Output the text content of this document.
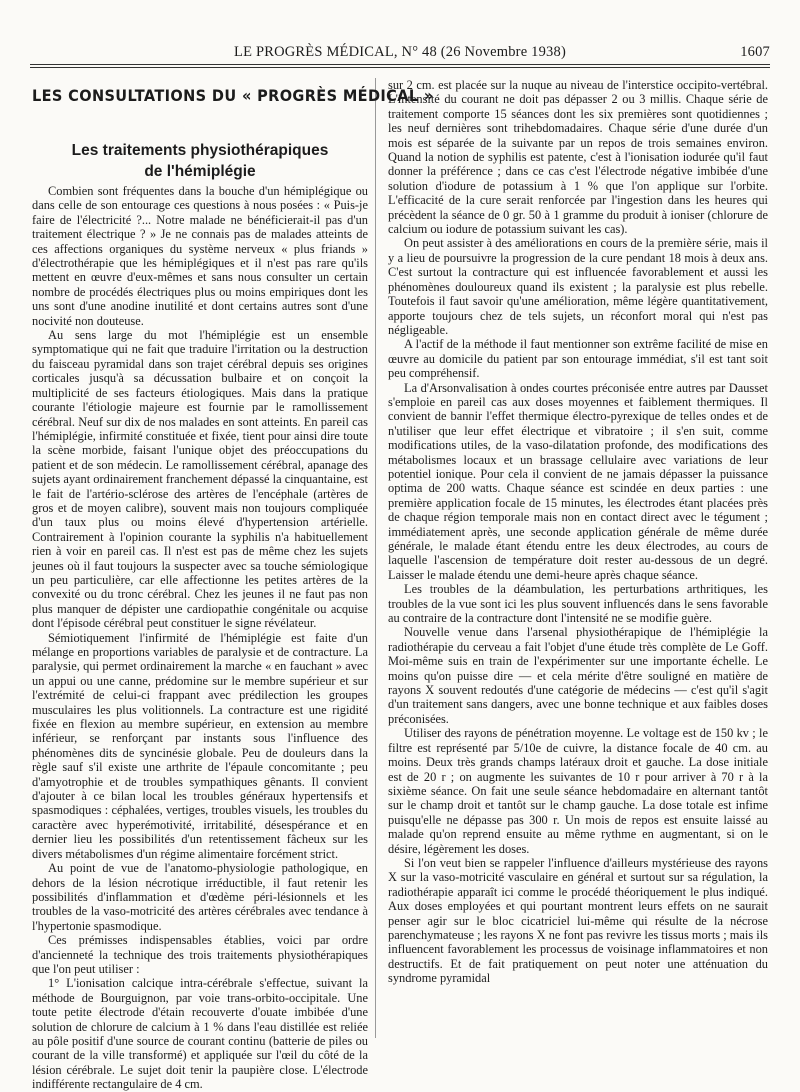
LE PROGRÈS MÉDICAL, N° 48 (26 Novembre 1938)	1607
LES CONSULTATIONS DU « PROGRÈS MÉDICAL »
Les traitements physiothérapiques
de l'hémiplégie

Combien sont fréquentes dans la bouche d'un hémiplégique ou dans celle de son entourage ces questions à nous posées : « Puis-je faire de l'électricité ?... Notre malade ne bénéficierait-il pas d'un traitement électrique ? » Je ne connais pas de malades atteints de ces affections organiques du système nerveux « plus friands » d'électrothérapie que les hémiplégiques et il n'est pas rare qu'ils mettent en œuvre d'eux-mêmes et sans nous consulter un certain nombre de procédés électriques plus ou moins empiriques dont les uns sont d'une anodine inutilité et dont certains autres sont d'une nocivité non douteuse.

Au sens large du mot l'hémiplégie est un ensemble symptomatique qui ne fait que traduire l'irritation ou la destruction du faisceau pyramidal dans son trajet cérébral depuis ses origines corticales jusqu'à sa décussation bulbaire et on conçoit la multiplicité de ses facteurs étiologiques. Mais dans la pratique courante l'étiologie majeure est fournie par le ramollissement cérébral. Neuf sur dix de nos malades en sont atteints. En pareil cas l'hémiplégie, infirmité constituée et fixée, tient pour ainsi dire toute la scène morbide, faisant l'unique objet des préoccupations du patient et de son médecin. Le ramollissement cérébral, apanage des sujets ayant ordinairement franchement dépassé la cinquantaine, est le fait de l'artério-sclérose des artères de l'encéphale (artères de gros et de moyen calibre), souvent mais non toujours compliquée d'un taux plus ou moins élevé d'hypertension artérielle. Contrairement à l'opinion courante la syphilis n'a habituellement rien à voir en pareil cas. Il n'est est pas de même chez les sujets jeunes où il faut toujours la suspecter avec sa touche sémiologique un peu particulière, car elle affectionne les petites artères de la convexité ou du tronc cérébral. Chez les jeunes il ne faut pas non plus manquer de dépister une cardiopathie congénitale ou acquise dont l'épisode cérébral peut constituer le signe révélateur.

Sémiotiquement l'infirmité de l'hémiplégie est faite d'un mélange en proportions variables de paralysie et de contracture. La paralysie, qui permet ordinairement la marche « en fauchant » avec un appui ou une canne, prédomine sur le membre supérieur et sur l'extrémité de celui-ci frappant avec prédilection les groupes musculaires les plus volitionnels. La contracture est une rigidité fixée en flexion au membre supérieur, en extension au membre inférieur, se renforçant par instants sous l'influence des phénomènes dits de syncinésie globale. Peu de douleurs dans la règle sauf s'il existe une arthrite de l'épaule concomitante ; peu d'amyotrophie et de troubles sympathiques gênants. Il convient d'ajouter à ce bilan local les troubles généraux hypertensifs et spasmodiques : céphalées, vertiges, troubles visuels, les troubles du caractère avec hyperémotivité, irritabilité, désespérance et en dernier lieu les possibilités d'un retentissement fâcheux sur les divers métabolismes d'un régime alimentaire forcément strict.

Au point de vue de l'anatomo-physiologie pathologique, en dehors de la lésion nécrotique irréductible, il faut retenir les possibilités d'inflammation et d'œdème péri-lésionnels et les troubles de la vaso-motricité des artères cérébrales avec tendance à l'hypertonie spasmodique.

Ces prémisses indispensables établies, voici par ordre d'ancienneté la technique des trois traitements physiothérapiques que l'on peut utiliser :

1° L'ionisation calcique intra-cérébrale s'effectue, suivant la méthode de Bourguignon, par voie trans-orbito-occipitale. Une toute petite électrode d'étain recouverte d'ouate imbibée d'une solution de chlorure de calcium à 1 % dans l'eau distillée est reliée au pôle positif d'une source de courant continu (batterie de piles ou courant de la ville transformé) et appliquée sur l'œil du côté de la lésion cérébrale. Le sujet doit tenir la paupière close. L'électrode indifférente rectangulaire de 4 cm.

sur 2 cm. est placée sur la nuque au niveau de l'interstice occipito-vertébral. L'intensité du courant ne doit pas dépasser 2 ou 3 millis. Chaque série de traitement comporte 15 séances dont les six premières sont quotidiennes ; les neuf dernières sont trihebdomadaires. Chaque série d'une durée d'un mois est séparée de la suivante par un repos de trois semaines environ. Quand la notion de syphilis est patente, c'est à l'ionisation iodurée qu'il faut donner la préférence ; dans ce cas c'est l'électrode négative imbibée d'une solution d'iodure de potassium à 1 % que l'on applique sur l'orbite. L'efficacité de la cure serait renforcée par l'ingestion dans les heures qui précèdent la séance de 0 gr. 50 à 1 gramme du produit à ioniser (chlorure de calcium ou iodure de potassium suivant les cas).

On peut assister à des améliorations en cours de la première série, mais il y a lieu de poursuivre la progression de la cure pendant 18 mois à deux ans. C'est surtout la contracture qui est influencée favorablement et aussi les phénomènes douloureux quand ils existent ; la paralysie est plus rebelle. Toutefois il faut savoir qu'une amélioration, même légère quantitativement, apporte toujours chez de tels sujets, un réconfort moral qui n'est pas négligeable.

A l'actif de la méthode il faut mentionner son extrême facilité de mise en œuvre au domicile du patient par son entourage immédiat, s'il est tant soit peu compréhensif.

La d'Arsonvalisation à ondes courtes préconisée entre autres par Dausset s'emploie en pareil cas aux doses moyennes et faiblement thermiques. Il convient de bannir l'effet thermique électro-pyrexique de telles ondes et de n'utiliser que leur effet électrique et vibratoire ; il s'en suit, comme modifications utiles, de la vaso-dilatation profonde, des modifications des métabolismes locaux et un brassage cellulaire avec variations de leur potentiel ionique. Pour cela il convient de ne jamais dépasser la puissance optima de 200 watts. Chaque séance est scindée en deux parties : une première application focale de 15 minutes, les électrodes étant placées près de chaque région temporale mais non en contact direct avec le tégument ; immédiatement après, une seconde application générale de même durée générale, le malade étant étendu entre les deux électrodes, au cours de laquelle l'ascension de température doit rester au-dessous de un degré. Laisser le malade étendu une demi-heure après chaque séance.

Les troubles de la déambulation, les perturbations arthritiques, les troubles de la vue sont ici les plus souvent influencés dans le sens favorable au contraire de la contracture dont l'intensité ne se modifie guère.

Nouvelle venue dans l'arsenal physiothérapique de l'hémiplégie la radiothérapie du cerveau a fait l'objet d'une étude très complète de Le Goff. Moi-même suis en train de l'expérimenter sur une importante échelle. Le moins qu'on puisse dire — et cela mérite d'être souligné en matière de rayons X souvent redoutés d'une catégorie de médecins — c'est qu'il s'agit d'un traitement sans dangers, avec une bonne technique et aux faibles doses préconisées.

Utiliser des rayons de pénétration moyenne. Le voltage est de 150 kv ; le filtre est représenté par 5/10e de cuivre, la distance focale de 40 cm. au moins. Deux très grands champs latéraux droit et gauche. La dose initiale est de 20 r ; on augmente les suivantes de 10 r pour arriver à 70 r à la sixième séance. On fait une seule séance hebdomadaire en alternant tantôt sur le champ droit et tantôt sur le champ gauche. La dose totale est infime puisqu'elle ne dépasse pas 300 r. Un mois de repos est ensuite laissé au malade qu'on reprend ensuite au même rythme en augmentant, si on le désire, légèrement les doses.

Si l'on veut bien se rappeler l'influence d'ailleurs mystérieuse des rayons X sur la vaso-motricité vasculaire en général et surtout sur sa régulation, la radiothérapie apparaît ici comme le procédé théoriquement le plus indiqué. Aux doses employées et qui pourtant montrent leurs effets on ne saurait penser agir sur le bloc cicatriciel lui-même qui résulte de la nécrose parenchymateuse ; les rayons X ne font pas revivre les tissus morts ; mais ils influencent favorablement les processus de voisinage inflammatoires et non destructifs. Et de fait pratiquement on peut noter une atténuation du syndrome pyramidal
